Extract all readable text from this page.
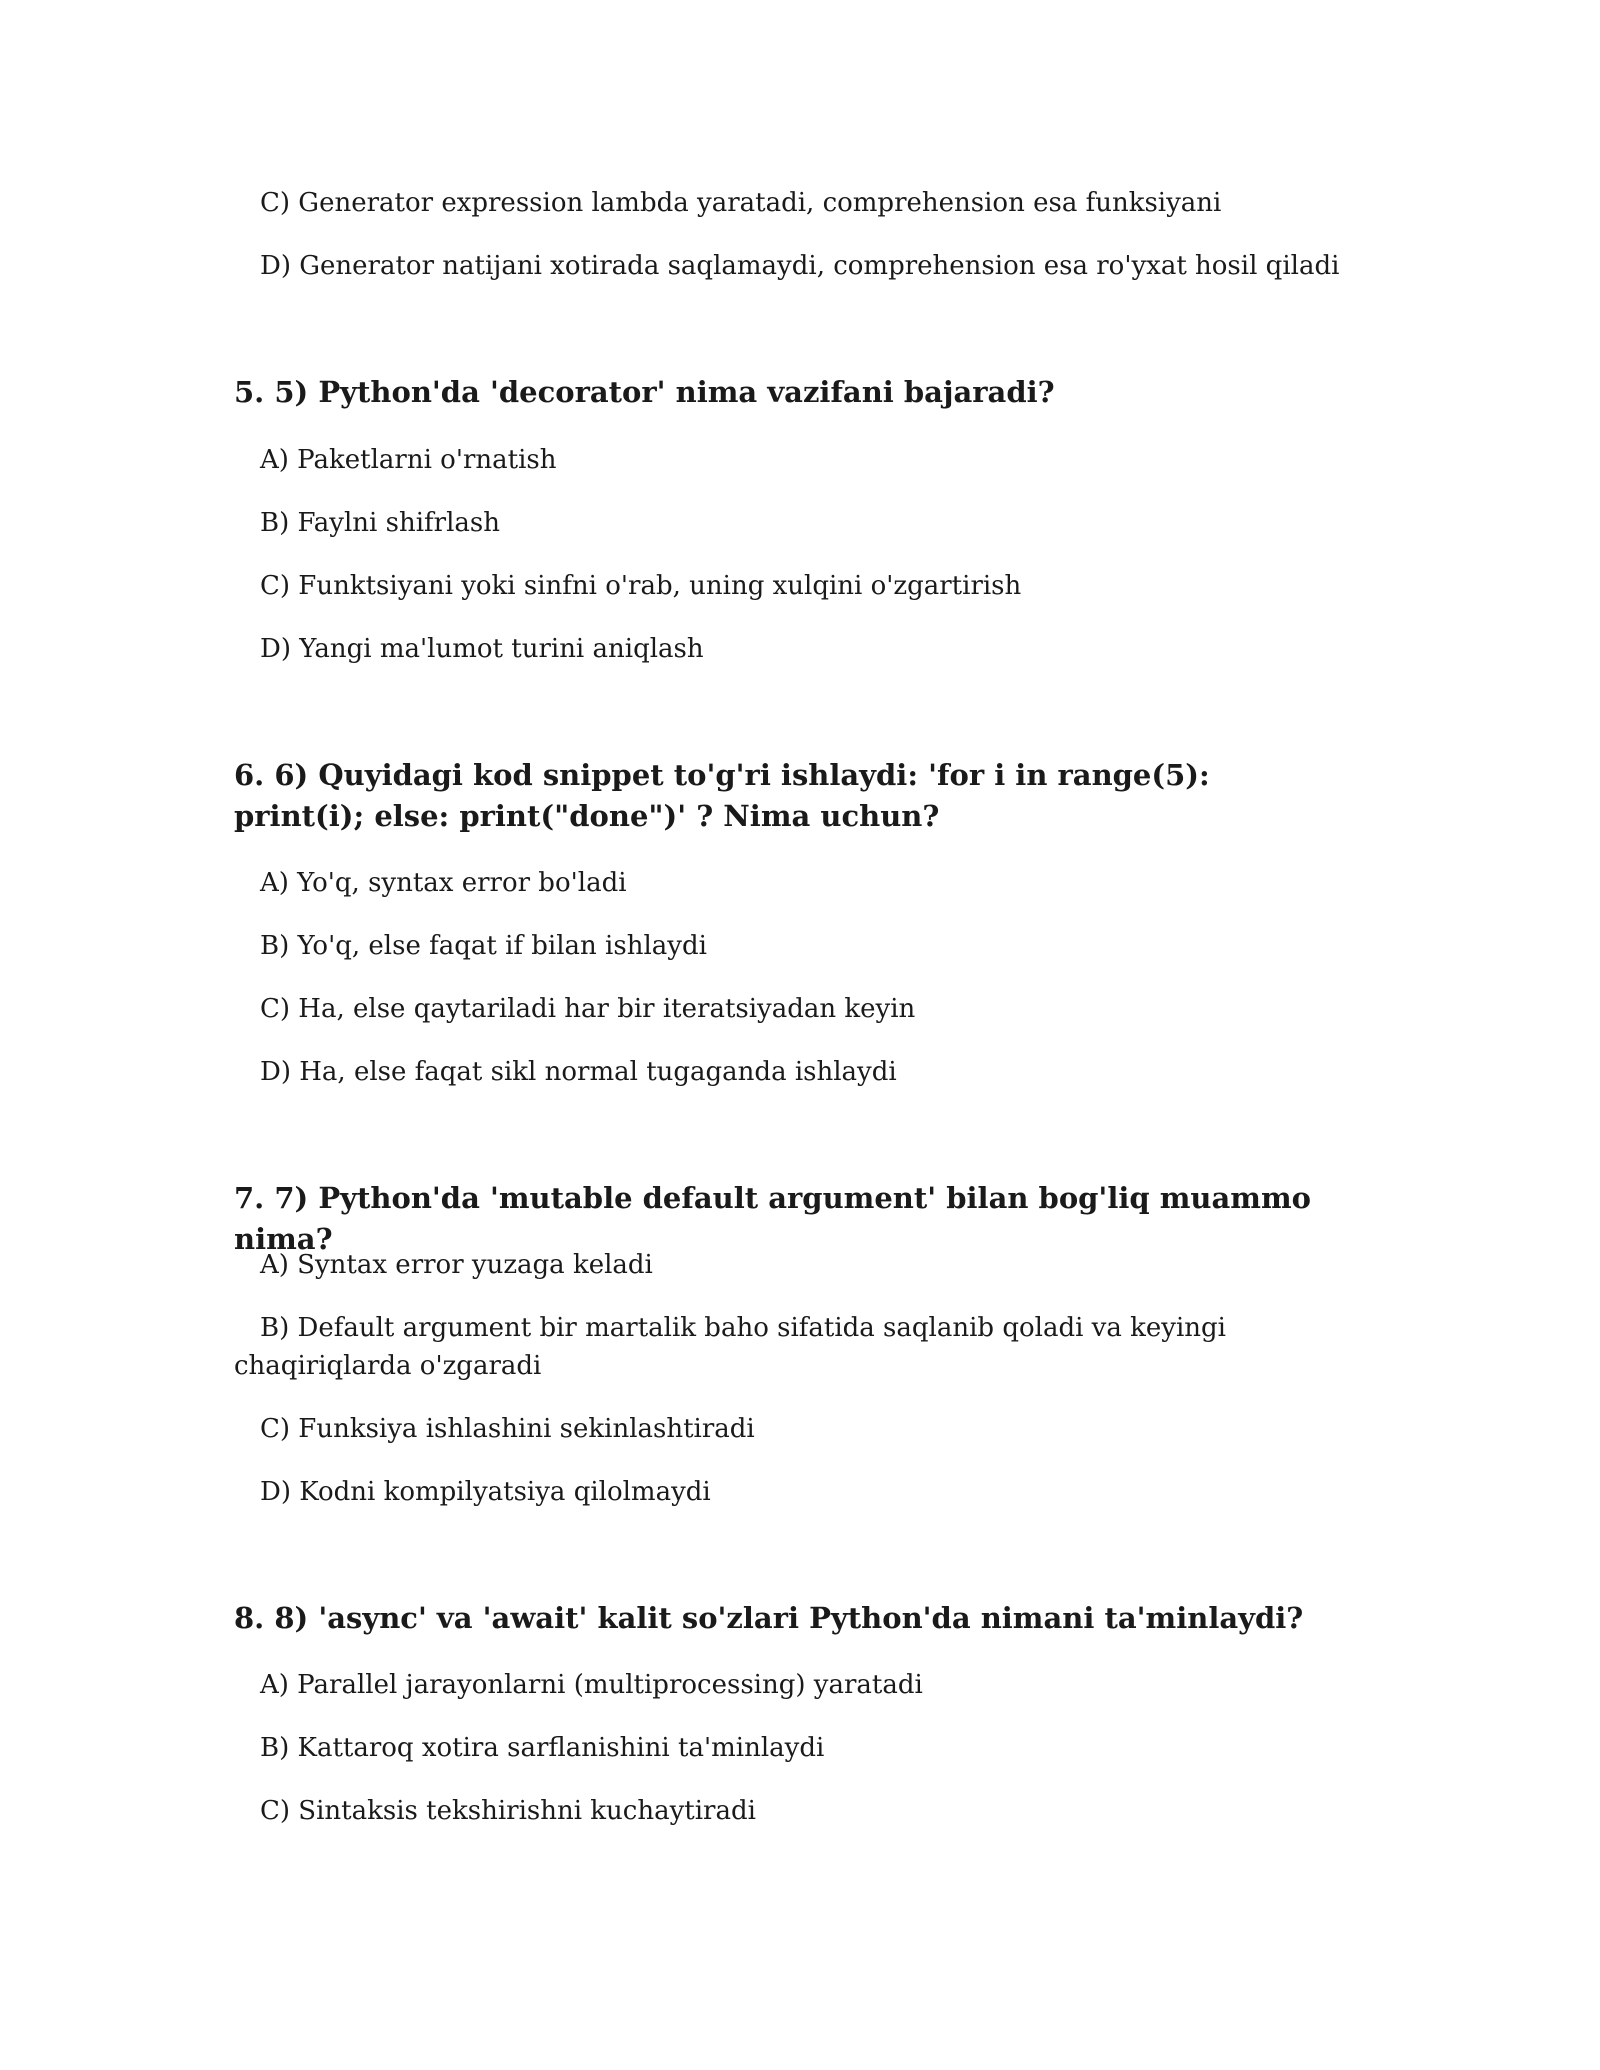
C) Generator expression lambda yaratadi, comprehension esa funksiyani

D) Generator natijani xotirada saqlamaydi, comprehension esa ro'yxat hosil qiladi

5. 5) Python'da 'decorator' nima vazifani bajaradi?

A) Paketlarni o'rnatish

B) Faylni shifrlash

C) Funktsiyani yoki sinfni o'rab, uning xulqini o'zgartirish

D) Yangi ma'lumot turini aniqlash

6. 6) Quyidagi kod snippet to'g'ri ishlaydi: 'for i in range(5): print(i); else: print("done")' ? Nima uchun?

A) Yo'q, syntax error bo'ladi

B) Yo'q, else faqat if bilan ishlaydi

C) Ha, else qaytariladi har bir iteratsiyadan keyin

D) Ha, else faqat sikl normal tugaganda ishlaydi

7. 7) Python'da 'mutable default argument' bilan bog'liq muammo nima?

A) Syntax error yuzaga keladi

B) Default argument bir martalik baho sifatida saqlanib qoladi va keyingi chaqiriqlarda o'zgaradi

C) Funksiya ishlashini sekinlashtiradi

D) Kodni kompilyatsiya qilolmaydi

8. 8) 'async' va 'await' kalit so'zlari Python'da nimani ta'minlaydi?

A) Parallel jarayonlarni (multiprocessing) yaratadi

B) Kattaroq xotira sarflanishini ta'minlaydi

C) Sintaksis tekshirishni kuchaytiradi
